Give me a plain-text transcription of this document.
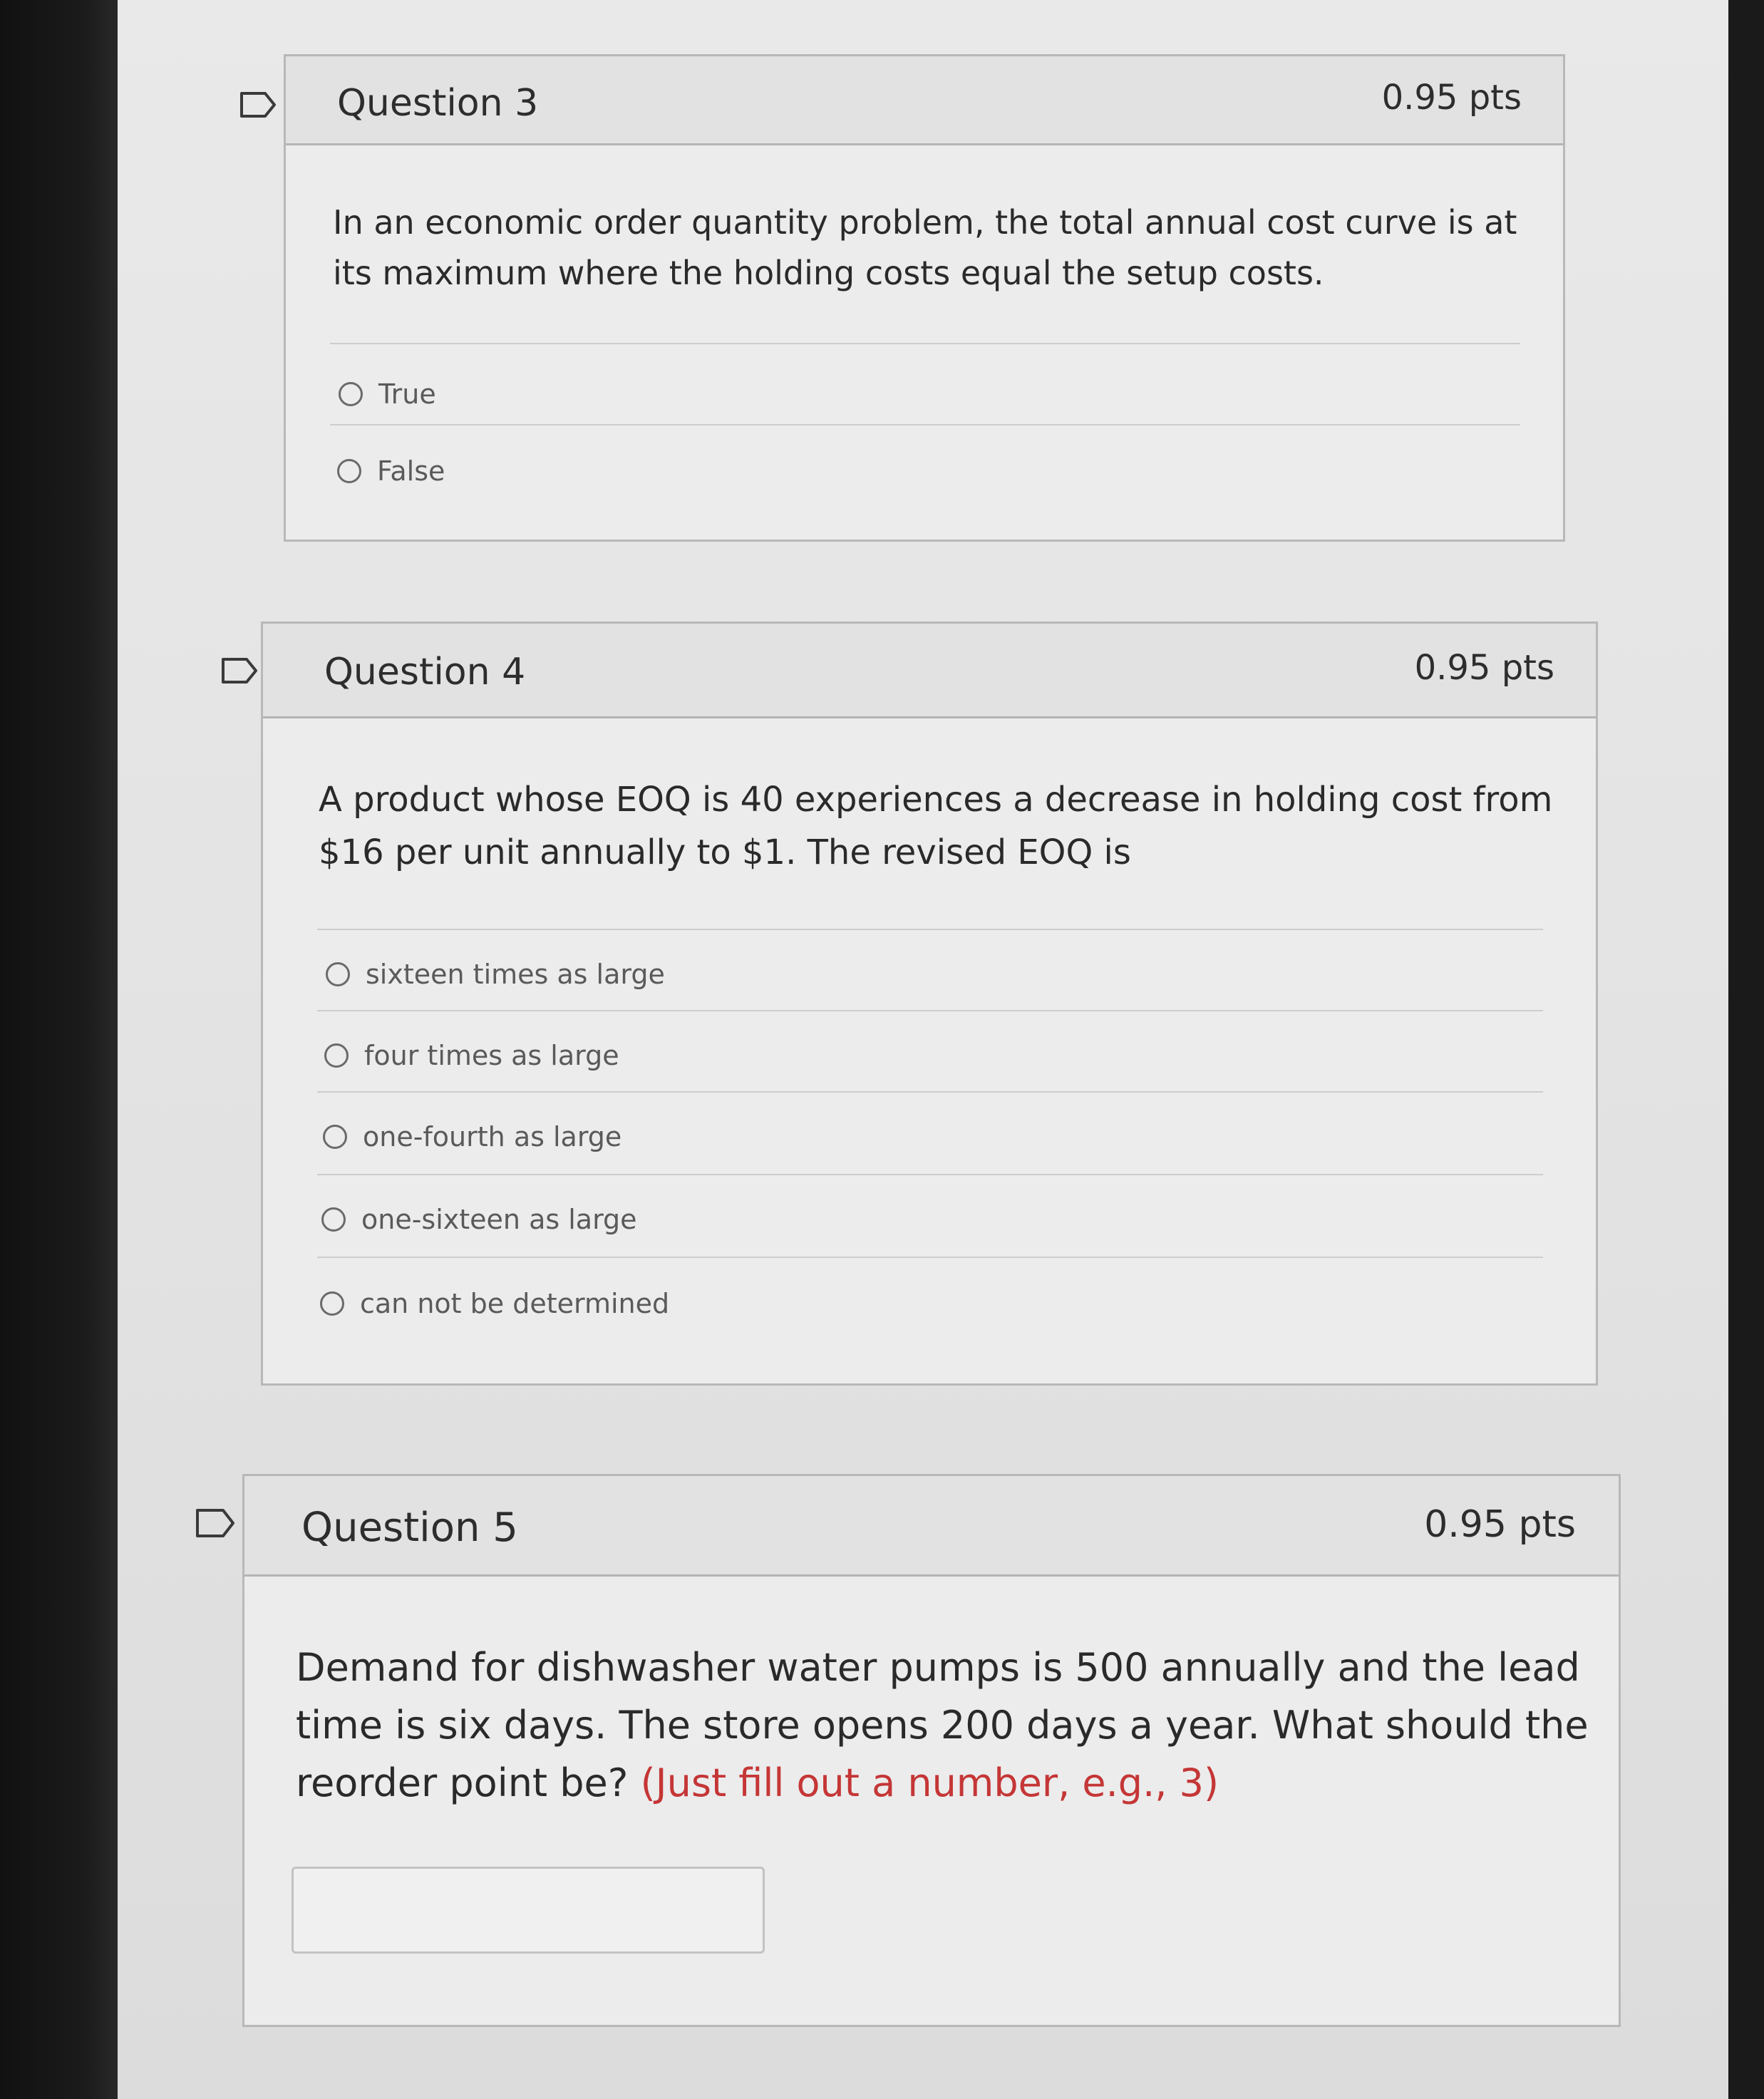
Question 3	0.95 pts
In an economic order quantity problem, the total annual cost curve is at its maximum where the holding costs equal the setup costs.
True
False
Question 4	0.95 pts
A product whose EOQ is 40 experiences a decrease in holding cost from $16 per unit annually to $1. The revised EOQ is
sixteen times as large
four times as large
one-fourth as large
one-sixteen as large
can not be determined
Question 5	0.95 pts
Demand for dishwasher water pumps is 500 annually and the lead time is six days. The store opens 200 days a year. What should the reorder point be? (Just fill out a number, e.g., 3)
